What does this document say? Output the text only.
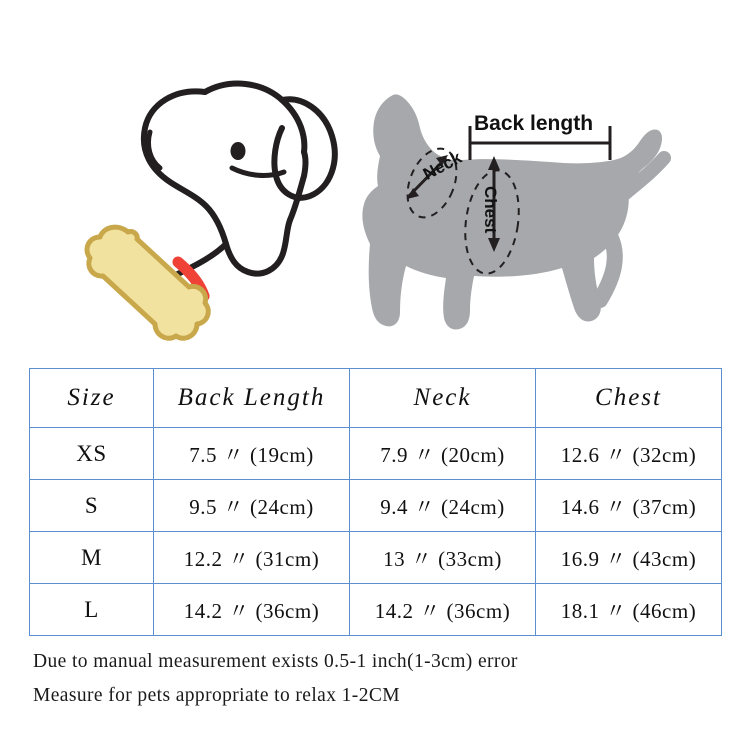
Back length
Neck
Chest
Size	Back Length	Neck	Chest
XS	7.5 〃 (19cm)	7.9 〃 (20cm)	12.6 〃 (32cm)
S	9.5 〃 (24cm)	9.4 〃 (24cm)	14.6 〃 (37cm)
M	12.2 〃 (31cm)	13 〃 (33cm)	16.9 〃 (43cm)
L	14.2 〃 (36cm)	14.2 〃 (36cm)	18.1 〃 (46cm)
Due to manual measurement exists 0.5-1 inch(1-3cm) error
Measure for pets appropriate to relax 1-2CM
